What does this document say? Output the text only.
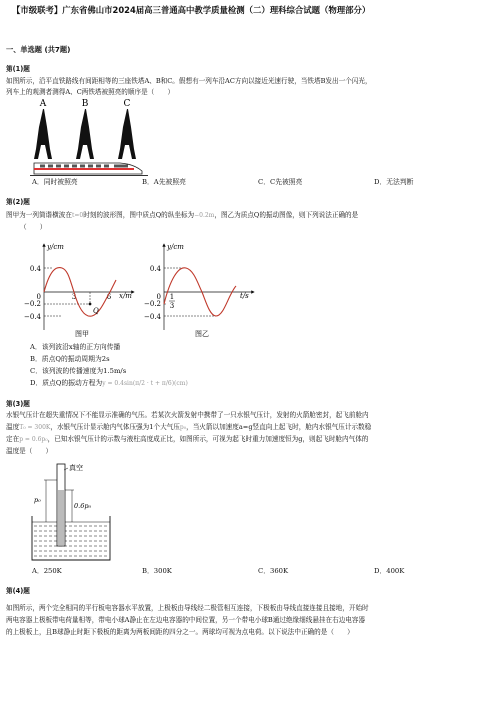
【市级联考】广东省佛山市2024届高三普通高中教学质量检测（二）理科综合试题（物理部分）
一、单选题 (共7题)
第(1)题
如图所示，沿平直铁路线有间距相等的三座铁塔A、B和C。假想有一列车沿AC方向以接近光速行驶，当铁塔B发出一个闪光，
列车上的观测者测得A、C两铁塔被照亮的顺序是（　　）
A	B	C
A．同时被照亮	B．A先被照亮	C．C先被照亮	D．无法判断
第(2)题
图甲为一列简谐横波在t=0时刻的波形图，图中质点Q的纵坐标为−0.2m，图乙为质点Q的振动图像，则下列说法正确的是
（　　）
y/cm
x/m
0.4
−0.2
−0.4
0	3	6
Q
图甲
y/cm
t/s
0.4
−0.2
−0.4
0 1
3
图乙
A．该列波沿x轴的正方向传播
B．质点Q的振动周期为2s
C．该列波的传播速度为1.5m/s
D．质点Q的振动方程为y = 0.4sin(π/2 · t + π/6)(cm)
第(3)题
水银气压计在超失重情况下不能显示准确的气压。若某次火箭发射中携带了一只水银气压计，发射的火箭舱密封，起飞前舱内
温度T₀ = 300K，水银气压计显示舱内气体压强为1个大气压p₀，当火箭以加速度a=g竖直向上起飞时，舱内水银气压计示数稳
定在p = 0.6p₀，已知水银气压计的示数与液柱高度成正比，如图所示，可视为起飞时重力加速度恒为g，则起飞时舱内气体的
温度是（　　）
真空
p₀
0.6p₀
A．250K	B．300K	C．360K	D．400K
第(4)题
如图所示，两个完全相同的平行板电容器水平放置，上极板由导线经二极管相互连接，下极板由导线直接连接且接地，开始时
两电容器上极板带电荷量相等，带电小球A静止在左边电容器的中间位置，另一个带电小球B通过绝缘细线悬挂在右边电容器
的上极板上，且B球静止时距下极板的距离为两板间距的四分之一。两球均可视为点电荷。以下说法中正确的是（　　）
